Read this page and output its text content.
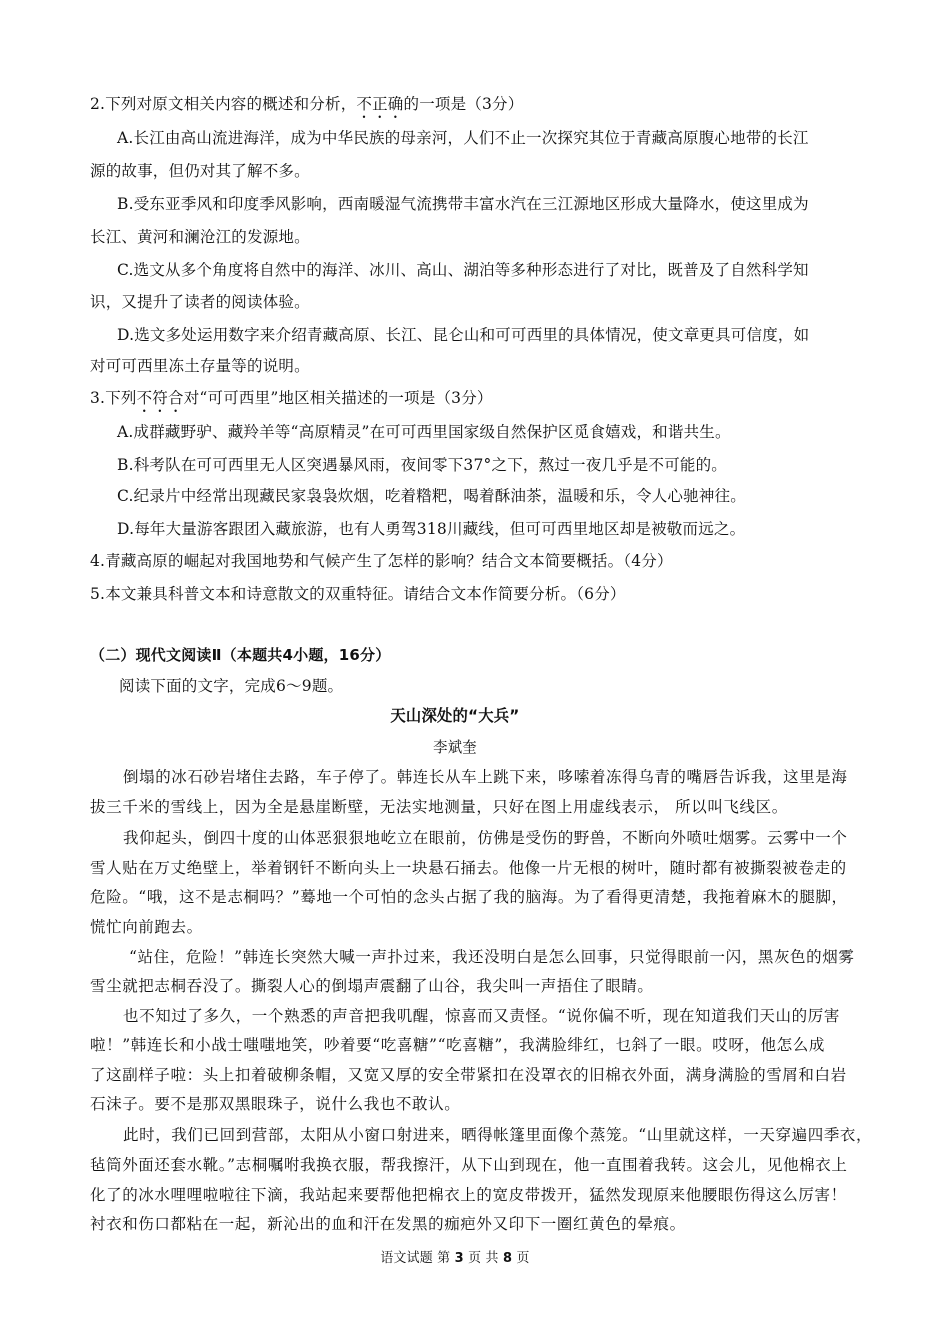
2.下列对原文相关内容的概述和分析，不正确的一项是（3分）
A.长江由高山流进海洋，成为中华民族的母亲河，人们不止一次探究其位于青藏高原腹心地带的长江
源的故事，但仍对其了解不多。
B.受东亚季风和印度季风影响，西南暖湿气流携带丰富水汽在三江源地区形成大量降水，使这里成为
长江、黄河和澜沧江的发源地。
C.选文从多个角度将自然中的海洋、冰川、高山、湖泊等多种形态进行了对比，既普及了自然科学知
识，又提升了读者的阅读体验。
D.选文多处运用数字来介绍青藏高原、长江、昆仑山和可可西里的具体情况，使文章更具可信度，如
对可可西里冻土存量等的说明。
3.下列不符合对“可可西里”地区相关描述的一项是（3分）
A.成群藏野驴、藏羚羊等“高原精灵”在可可西里国家级自然保护区觅食嬉戏，和谐共生。
B.科考队在可可西里无人区突遇暴风雨，夜间零下37°之下，熬过一夜几乎是不可能的。
C.纪录片中经常出现藏民家袅袅炊烟，吃着糌粑，喝着酥油茶，温暖和乐，令人心驰神往。
D.每年大量游客跟团入藏旅游，也有人勇驾318川藏线，但可可西里地区却是被敬而远之。
4.青藏高原的崛起对我国地势和气候产生了怎样的影响？结合文本简要概括。（4分）
5.本文兼具科普文本和诗意散文的双重特征。请结合文本作简要分析。（6分）
（二）现代文阅读Ⅱ（本题共4小题，16分）
阅读下面的文字，完成6～9题。
天山深处的“大兵”
李斌奎
倒塌的冰石砂岩堵住去路，车子停了。韩连长从车上跳下来，哆嗦着冻得乌青的嘴唇告诉我，这里是海
拔三千米的雪线上，因为全是悬崖断壁，无法实地测量，只好在图上用虚线表示， 所以叫飞线区。
我仰起头，倒四十度的山体恶狠狠地屹立在眼前，仿佛是受伤的野兽，不断向外喷吐烟雾。云雾中一个
雪人贴在万丈绝壁上，举着钢钎不断向头上一块悬石捅去。他像一片无根的树叶，随时都有被撕裂被卷走的
危险。“哦，这不是志桐吗？”蓦地一个可怕的念头占据了我的脑海。为了看得更清楚，我拖着麻木的腿脚，
慌忙向前跑去。
“站住，危险！”韩连长突然大喊一声扑过来，我还没明白是怎么回事，只觉得眼前一闪，黑灰色的烟雾
雪尘就把志桐吞没了。撕裂人心的倒塌声震翻了山谷，我尖叫一声捂住了眼睛。
也不知过了多久，一个熟悉的声音把我叽醒，惊喜而又责怪。“说你偏不听，现在知道我们天山的厉害
啦！”韩连长和小战士嗤嗤地笑，吵着要“吃喜糖”“吃喜糖”，我满脸绯红，乜斜了一眼。哎呀，他怎么成
了这副样子啦：头上扣着破柳条帽，又宽又厚的安全带紧扣在没罩衣的旧棉衣外面，满身满脸的雪屑和白岩
石沫子。要不是那双黑眼珠子，说什么我也不敢认。
此时，我们已回到营部，太阳从小窗口射进来，晒得帐篷里面像个蒸笼。“山里就这样，一天穿遍四季衣，
毡筒外面还套水靴。”志桐嘱咐我换衣服，帮我擦汗，从下山到现在，他一直围着我转。这会儿，见他棉衣上
化了的冰水哩哩啦啦往下滴，我站起来要帮他把棉衣上的宽皮带拨开，猛然发现原来他腰眼伤得这么厉害！
衬衣和伤口都粘在一起，新沁出的血和汗在发黑的痂疤外又印下一圈红黄色的晕痕。
语文试题 第 3 页 共 8 页
